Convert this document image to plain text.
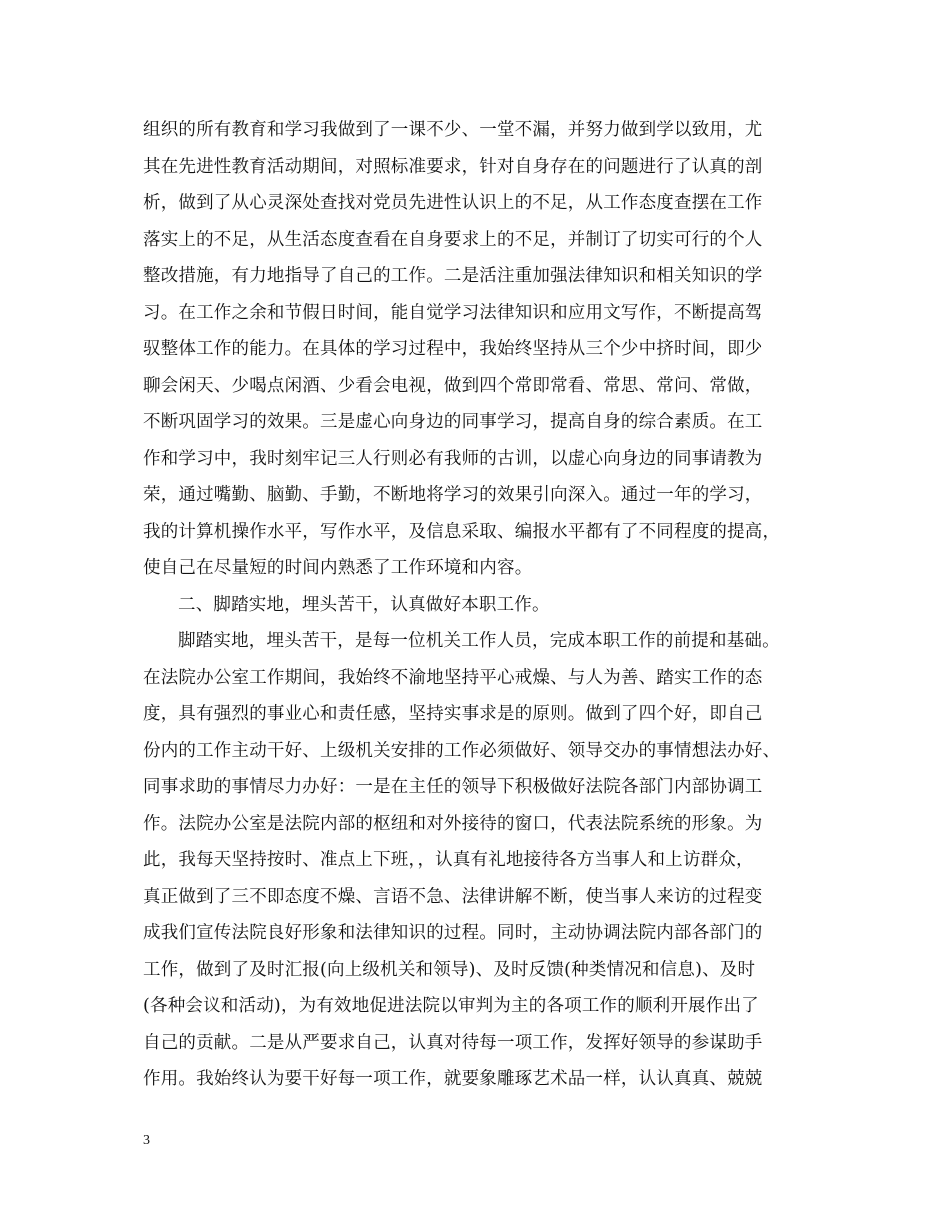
组织的所有教育和学习我做到了一课不少、一堂不漏，并努力做到学以致用，尤
其在先进性教育活动期间，对照标准要求，针对自身存在的问题进行了认真的剖
析，做到了从心灵深处查找对党员先进性认识上的不足，从工作态度查摆在工作
落实上的不足，从生活态度查看在自身要求上的不足，并制订了切实可行的个人
整改措施，有力地指导了自己的工作。二是活注重加强法律知识和相关知识的学
习。在工作之余和节假日时间，能自觉学习法律知识和应用文写作，不断提高驾
驭整体工作的能力。在具体的学习过程中，我始终坚持从三个少中挤时间，即少
聊会闲天、少喝点闲酒、少看会电视，做到四个常即常看、常思、常问、常做，
不断巩固学习的效果。三是虚心向身边的同事学习，提高自身的综合素质。在工
作和学习中，我时刻牢记三人行则必有我师的古训，以虚心向身边的同事请教为
荣，通过嘴勤、脑勤、手勤，不断地将学习的效果引向深入。通过一年的学习，
我的计算机操作水平，写作水平，及信息采取、编报水平都有了不同程度的提高，
使自己在尽量短的时间内熟悉了工作环境和内容。
二、脚踏实地，埋头苦干，认真做好本职工作。
脚踏实地，埋头苦干，是每一位机关工作人员，完成本职工作的前提和基础。
在法院办公室工作期间，我始终不渝地坚持平心戒燥、与人为善、踏实工作的态
度，具有强烈的事业心和责任感，坚持实事求是的原则。做到了四个好，即自己
份内的工作主动干好、上级机关安排的工作必须做好、领导交办的事情想法办好、
同事求助的事情尽力办好：一是在主任的领导下积极做好法院各部门内部协调工
作。法院办公室是法院内部的枢纽和对外接待的窗口，代表法院系统的形象。为
此，我每天坚持按时、准点上下班，，认真有礼地接待各方当事人和上访群众，
真正做到了三不即态度不燥、言语不急、法律讲解不断，使当事人来访的过程变
成我们宣传法院良好形象和法律知识的过程。同时，主动协调法院内部各部门的
工作，做到了及时汇报(向上级机关和领导)、及时反馈(种类情况和信息)、及时
(各种会议和活动)，为有效地促进法院以审判为主的各项工作的顺利开展作出了
自己的贡献。二是从严要求自己，认真对待每一项工作，发挥好领导的参谋助手
作用。我始终认为要干好每一项工作，就要象雕琢艺术品一样，认认真真、兢兢
3
